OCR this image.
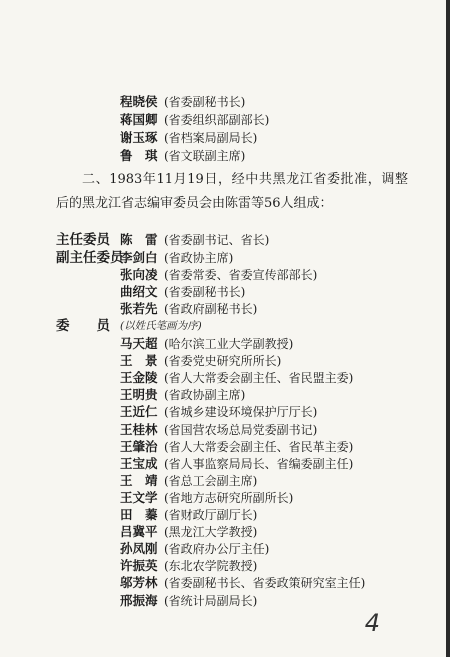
程晓侯 (省委副秘书长)
蒋国卿 (省委组织部副部长)
谢玉琢 (省档案局副局长)
鲁　琪 (省文联副主席)

二、1983年11月19日，经中共黑龙江省委批准，调整后的黑龙江省志编审委员会由陈雷等56人组成：

主任委员
副主任委员
委　　员 (以姓氏笔画为序)
陈　雷 (省委副书记、省长)
李剑白 (省政协主席)
张向凌 (省委常委、省委宣传部部长)
曲绍文 (省委副秘书长)
张若先 (省政府副秘书长)
马天超 (哈尔滨工业大学副教授)
王　景 (省委党史研究所所长)
王金陵 (省人大常委会副主任、省民盟主委)
王明贵 (省政协副主席)
王近仁 (省城乡建设环境保护厅厅长)
王桂林 (省国营农场总局党委副书记)
王肇治 (省人大常委会副主任、省民革主委)
王宝成 (省人事监察局局长、省编委副主任)
王　靖 (省总工会副主席)
王文学 (省地方志研究所副所长)
田　蓁 (省财政厅副厅长)
吕冀平 (黑龙江大学教授)
孙凤刚 (省政府办公厅主任)
许振英 (东北农学院教授)
邬芳林 (省委副秘书长、省委政策研究室主任)
邢振海 (省统计局副局长)
4
